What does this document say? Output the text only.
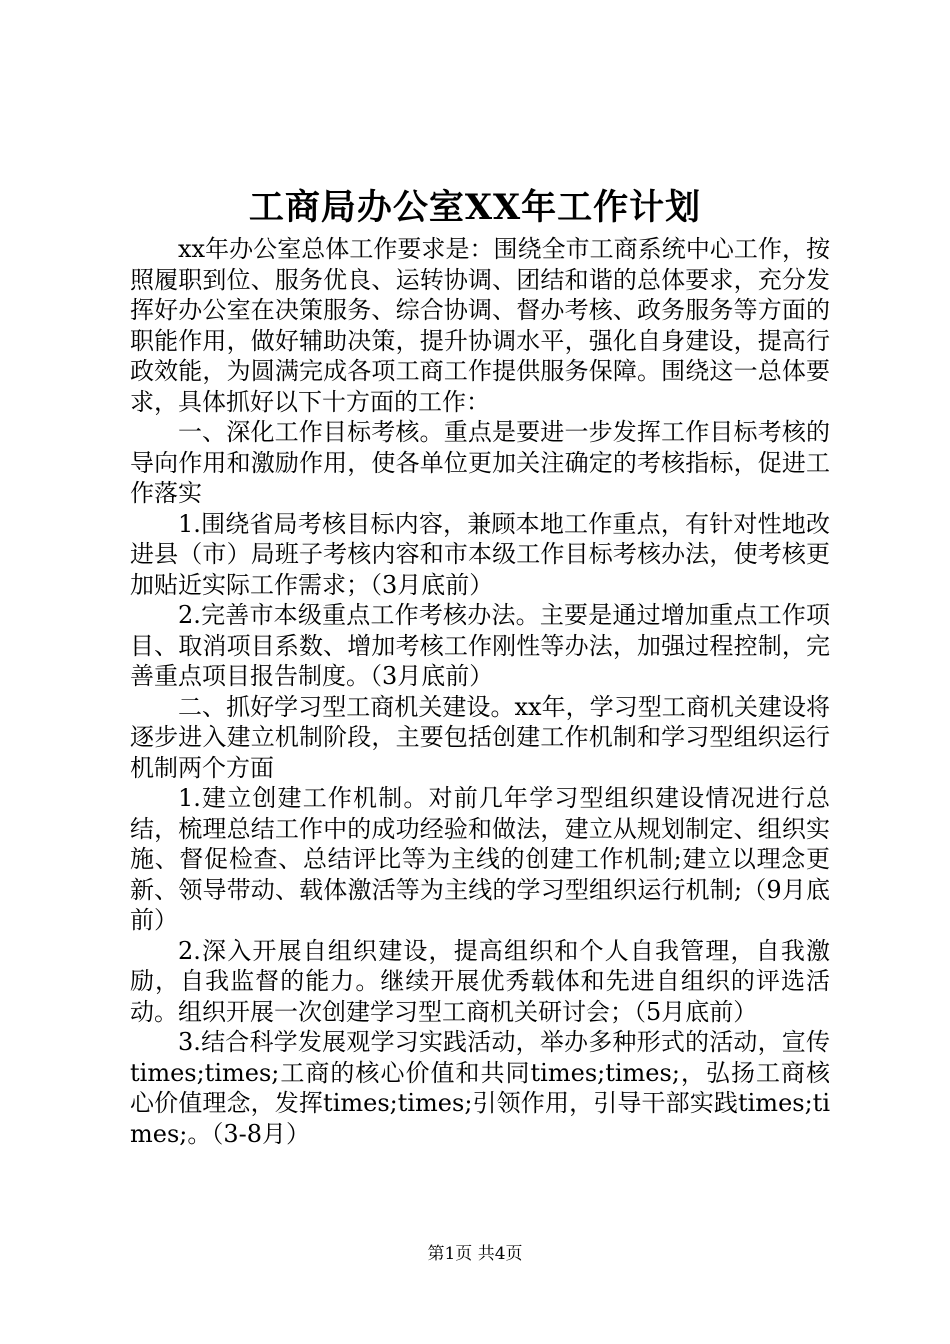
工商局办公室XX年工作计划

xx年办公室总体工作要求是：围绕全市工商系统中心工作，按照履职到位、服务优良、运转协调、团结和谐的总体要求，充分发挥好办公室在决策服务、综合协调、督办考核、政务服务等方面的职能作用，做好辅助决策，提升协调水平，强化自身建设，提高行政效能，为圆满完成各项工商工作提供服务保障。围绕这一总体要求，具体抓好以下十方面的工作：

一、深化工作目标考核。重点是要进一步发挥工作目标考核的导向作用和激励作用，使各单位更加关注确定的考核指标，促进工作落实

1.围绕省局考核目标内容，兼顾本地工作重点，有针对性地改进县（市）局班子考核内容和市本级工作目标考核办法，使考核更加贴近实际工作需求；（3月底前）

2.完善市本级重点工作考核办法。主要是通过增加重点工作项目、取消项目系数、增加考核工作刚性等办法，加强过程控制，完善重点项目报告制度。（3月底前）

二、抓好学习型工商机关建设。xx年，学习型工商机关建设将逐步进入建立机制阶段，主要包括创建工作机制和学习型组织运行机制两个方面

1.建立创建工作机制。对前几年学习型组织建设情况进行总结，梳理总结工作中的成功经验和做法，建立从规划制定、组织实施、督促检查、总结评比等为主线的创建工作机制;建立以理念更新、领导带动、载体激活等为主线的学习型组织运行机制;（9月底前）

2.深入开展自组织建设，提高组织和个人自我管理，自我激励，自我监督的能力。继续开展优秀载体和先进自组织的评选活动。组织开展一次创建学习型工商机关研讨会；（5月底前）

3.结合科学发展观学习实践活动，举办多种形式的活动，宣传times;times;工商的核心价值和共同times;times;，弘扬工商核心价值理念，发挥times;times;引领作用，引导干部实践times;times;。（3-8月）

第1页 共4页
